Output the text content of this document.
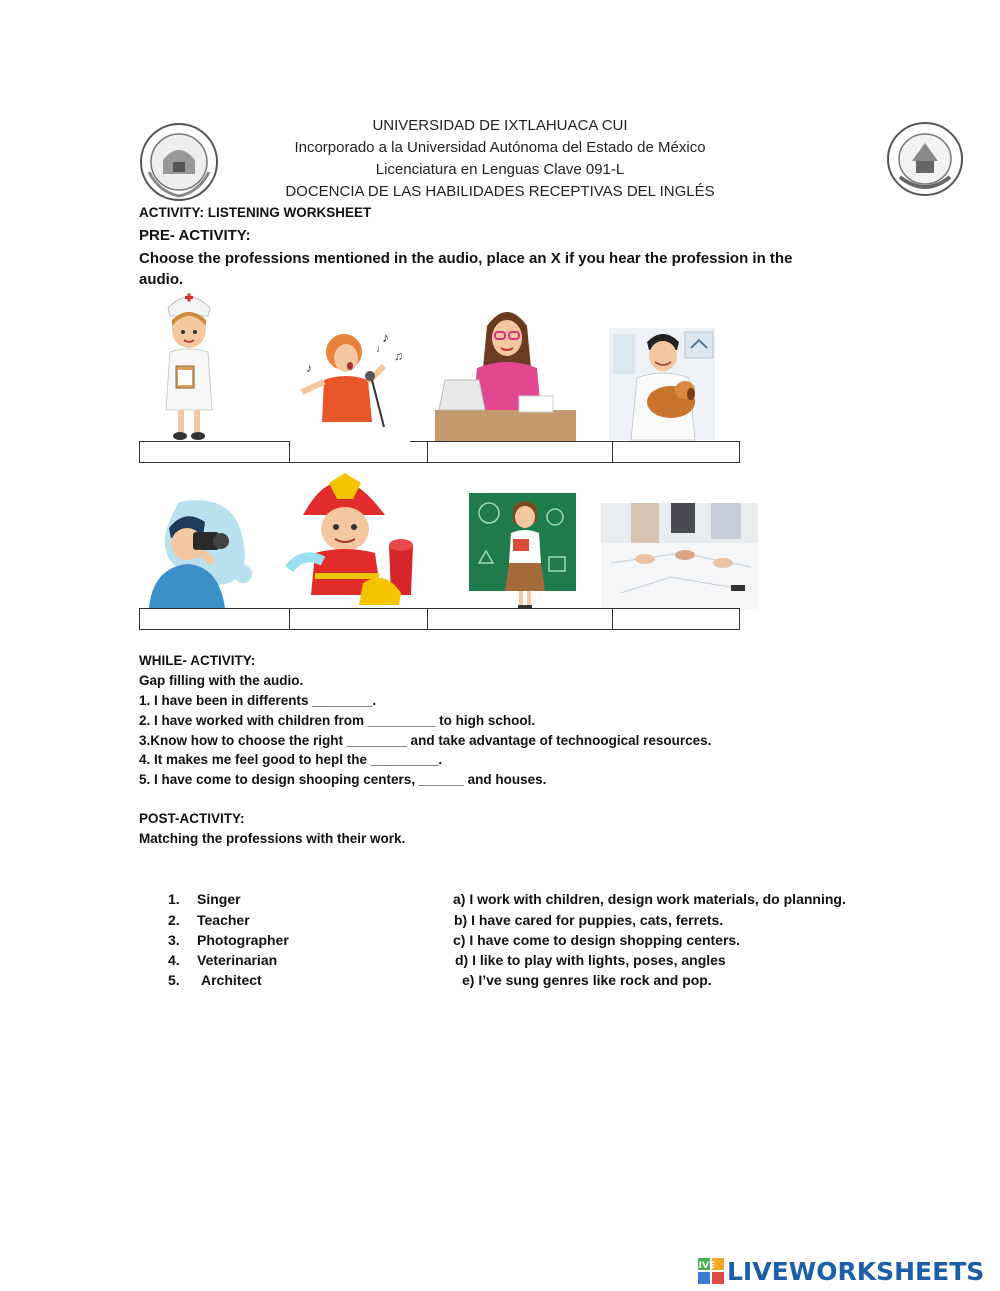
UNIVERSIDAD DE IXTLAHUACA CUI
Incorporado a la Universidad Autónoma del Estado de México
Licenciatura en Lenguas Clave 091-L
DOCENCIA DE LAS HABILIDADES RECEPTIVAS DEL INGLÉS
ACTIVITY: LISTENING WORKSHEET
PRE- ACTIVITY:
Choose the professions mentioned in the audio, place an X if you hear the profession in the audio.
♪
♫
♪
♩
WHILE- ACTIVITY:
Gap filling with the audio.
1. I have been in differents ________.
2. I have worked with children from _________ to high school.
3.Know how to choose the right ________ and take advantage of technoogical resources.
4. It makes me feel good to hepl the _________.
5. I have come to design shooping centers, ______ and houses.
POST-ACTIVITY:
Matching the professions with their work.
1. Singer
2. Teacher
3. Photographer
4. Veterinarian
5. Architect
a) I work with children, design work materials, do planning.
b) I have cared for puppies, cats, ferrets.
c) I have come to design shopping centers.
d) I like to play with lights, poses, angles
e) I’ve sung genres like rock and pop.
LIVE LIVEWORKSHEETS
